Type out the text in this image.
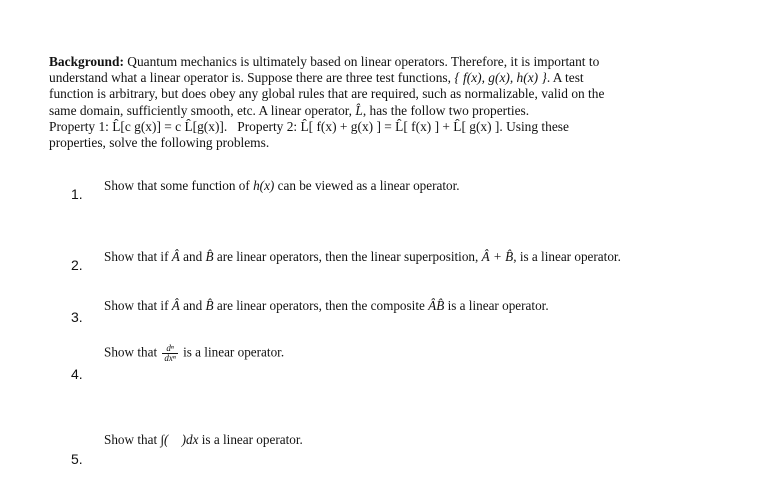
Background: Quantum mechanics is ultimately based on linear operators. Therefore, it is important to
understand what a linear operator is. Suppose there are three test functions, { f(x), g(x), h(x) }. A test
function is arbitrary, but does obey any global rules that are required, such as normalizable, valid on the
same domain, sufficiently smooth, etc. A linear operator, L̂, has the follow two properties.
Property 1: L̂[c g(x)] = c L̂[g(x)]. Property 2: L̂[ f(x) + g(x) ] = L̂[ f(x) ] + L̂[ g(x) ]. Using these
properties, solve the following problems.
1.
Show that some function of h(x) can be viewed as a linear operator.
2.
Show that if Â and B̂ are linear operators, then the linear superposition, Â + B̂, is a linear operator.
3.
Show that if Â and B̂ are linear operators, then the composite ÂB̂ is a linear operator.
4.
Show that $\frac{\text{dⁿ}}{\text{dxⁿ}}$ is a linear operator.
5.
Show that ∫(    )dx is a linear operator.
